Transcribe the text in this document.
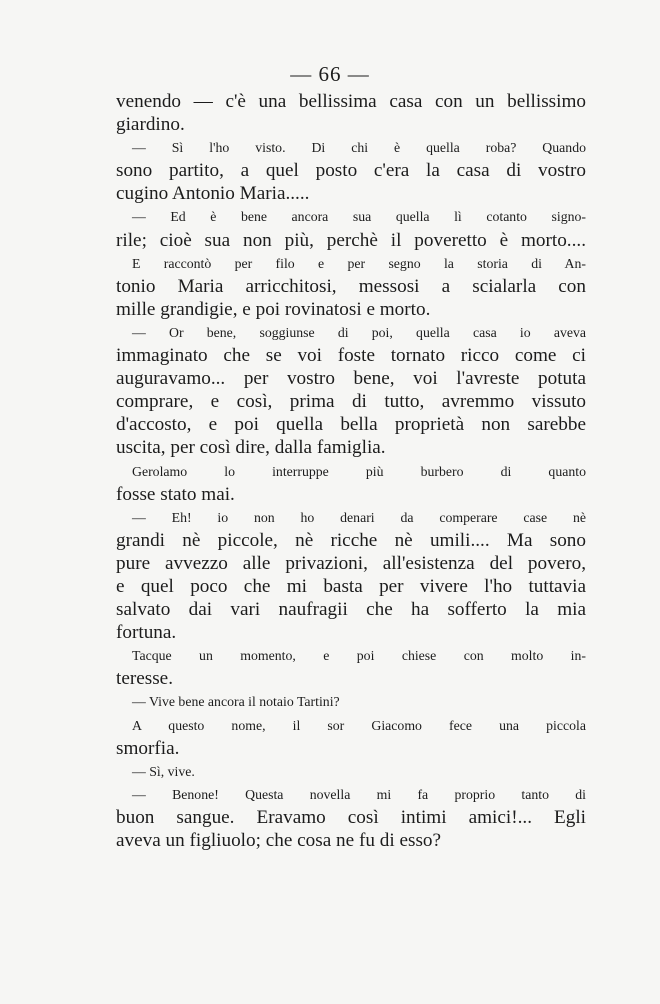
— 66 —
venendo — c'è una bellissima casa con un bellissimo
giardino.
— Sì l'ho visto. Di chi è quella roba? Quando
sono partito, a quel posto c'era la casa di vostro
cugino Antonio Maria.....
— Ed è bene ancora sua quella lì cotanto signo-
rile; cioè sua non più, perchè il poveretto è morto....
E raccontò per filo e per segno la storia di An-
tonio Maria arricchitosi, messosi a scialarla con
mille grandigie, e poi rovinatosi e morto.
— Or bene, soggiunse di poi, quella casa io aveva
immaginato che se voi foste tornato ricco come ci
auguravamo... per vostro bene, voi l'avreste potuta
comprare, e così, prima di tutto, avremmo vissuto
d'accosto, e poi quella bella proprietà non sarebbe
uscita, per così dire, dalla famiglia.
Gerolamo lo interruppe più burbero di quanto
fosse stato mai.
— Eh! io non ho denari da comperare case nè
grandi nè piccole, nè ricche nè umili.... Ma sono
pure avvezzo alle privazioni, all'esistenza del povero,
e quel poco che mi basta per vivere l'ho tuttavia
salvato dai vari naufragii che ha sofferto la mia
fortuna.
Tacque un momento, e poi chiese con molto in-
teresse.
— Vive bene ancora il notaio Tartini?
A questo nome, il sor Giacomo fece una piccola
smorfia.
— Sì, vive.
— Benone! Questa novella mi fa proprio tanto di
buon sangue. Eravamo così intimi amici!... Egli
aveva un figliuolo; che cosa ne fu di esso?
